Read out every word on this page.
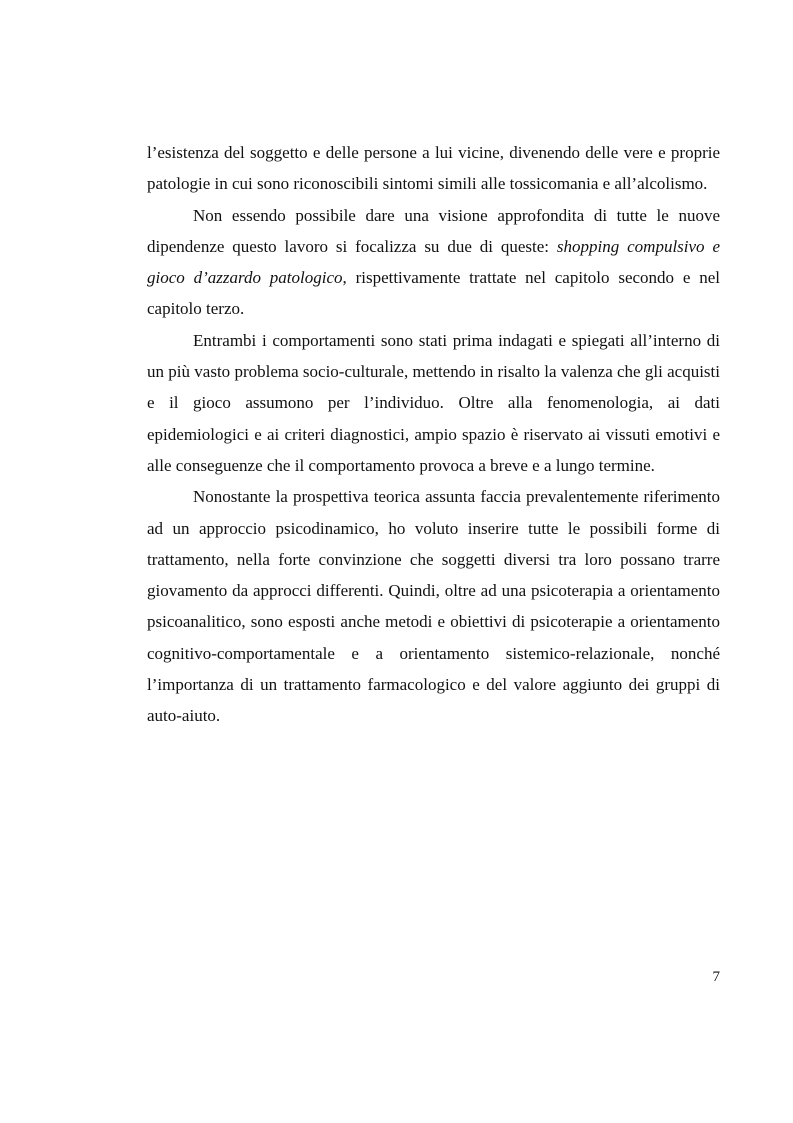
l’esistenza del soggetto e delle persone a lui vicine, divenendo delle vere e proprie patologie in cui sono riconoscibili sintomi simili alle tossicomania e all’alcolismo.

Non essendo possibile dare una visione approfondita di tutte le nuove dipendenze questo lavoro si focalizza su due di queste: shopping compulsivo e gioco d’azzardo patologico, rispettivamente trattate nel capitolo secondo e nel capitolo terzo.

Entrambi i comportamenti sono stati prima indagati e spiegati all’interno di un più vasto problema socio-culturale, mettendo in risalto la valenza che gli acquisti e il gioco assumono per l’individuo. Oltre alla fenomenologia, ai dati epidemiologici e ai criteri diagnostici, ampio spazio è riservato ai vissuti emotivi e alle conseguenze che il comportamento provoca a breve e a lungo termine.

Nonostante la prospettiva teorica assunta faccia prevalentemente riferimento ad un approccio psicodinamico, ho voluto inserire tutte le possibili forme di trattamento, nella forte convinzione che soggetti diversi tra loro possano trarre giovamento da approcci differenti. Quindi, oltre ad una psicoterapia a orientamento psicoanalitico, sono esposti anche metodi e obiettivi di psicoterapie a orientamento cognitivo-comportamentale e a orientamento sistemico-relazionale, nonché l’importanza di un trattamento farmacologico e del valore aggiunto dei gruppi di auto-aiuto.

7
